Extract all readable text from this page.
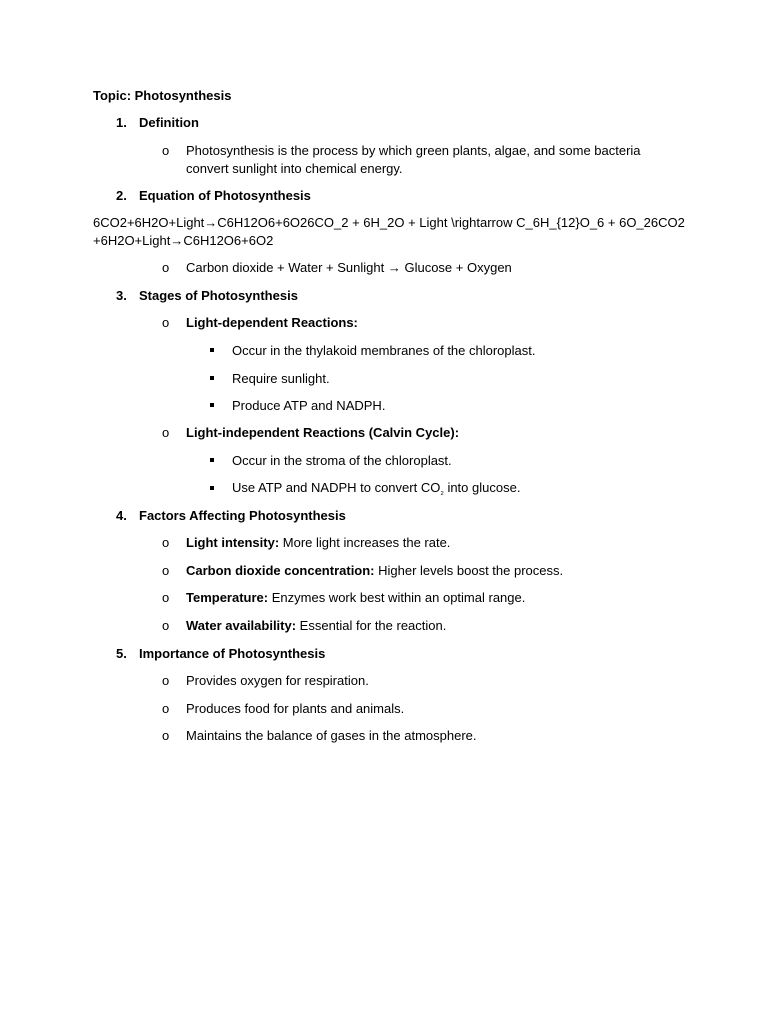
Topic: Photosynthesis
1. Definition
o Photosynthesis is the process by which green plants, algae, and some bacteria
convert sunlight into chemical energy.
2. Equation of Photosynthesis
6CO2+6H2O+Light→C6H12O6+6O26CO_2 + 6H_2O + Light \rightarrow C_6H_{12}O_6 + 6O_26CO2
+6H2O+Light→C6H12O6+6O2
o Carbon dioxide + Water + Sunlight → Glucose + Oxygen
3. Stages of Photosynthesis
o Light-dependent Reactions:
Occur in the thylakoid membranes of the chloroplast.
Require sunlight.
Produce ATP and NADPH.
o Light-independent Reactions (Calvin Cycle):
Occur in the stroma of the chloroplast.
Use ATP and NADPH to convert $CO_{_2}$ into glucose.
4. Factors Affecting Photosynthesis
o Light intensity: More light increases the rate.
o Carbon dioxide concentration: Higher levels boost the process.
o Temperature: Enzymes work best within an optimal range.
o Water availability: Essential for the reaction.
5. Importance of Photosynthesis
o Provides oxygen for respiration.
o Produces food for plants and animals.
o Maintains the balance of gases in the atmosphere.
